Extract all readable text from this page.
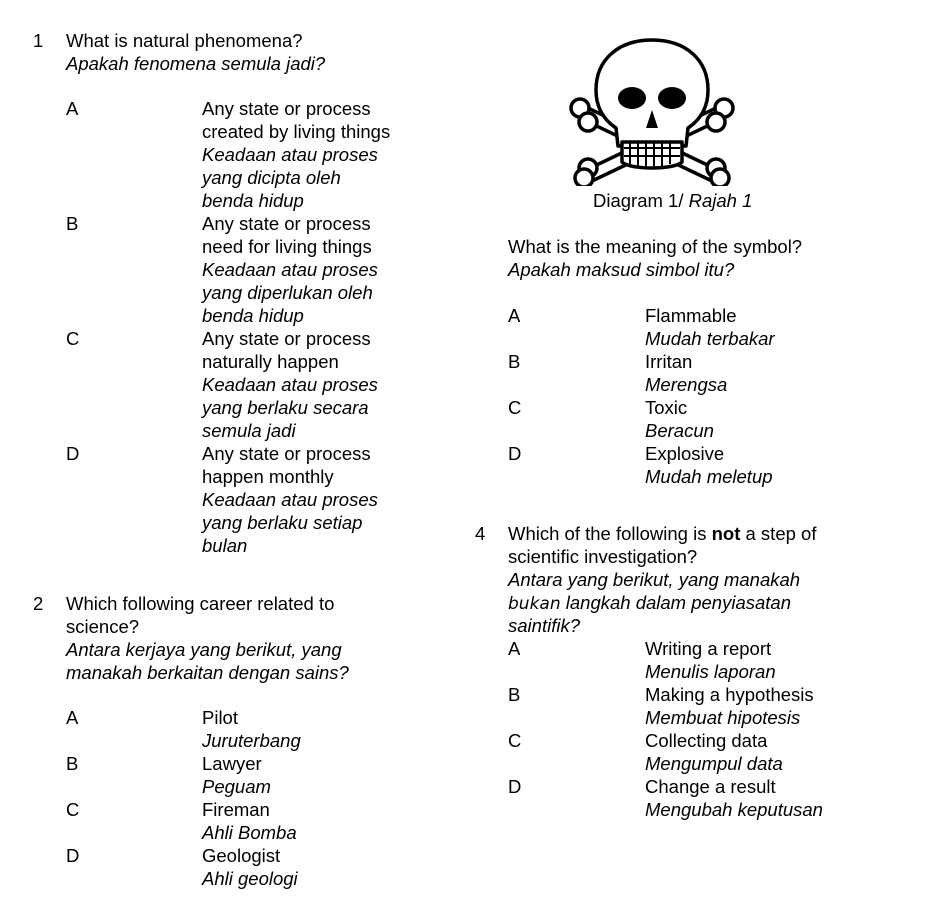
1 What is natural phenomena?
Apakah fenomena semula jadi?
A	Any state or process
created by living things
Keadaan atau proses
yang dicipta oleh
benda hidup
B	Any state or process
need for living things
Keadaan atau proses
yang diperlukan oleh
benda hidup
C	Any state or process
naturally happen
Keadaan atau proses
yang berlaku secara
semula jadi
D	Any state or process
happen monthly
Keadaan atau proses
yang berlaku setiap
bulan
2 Which following career related to
science?
Antara kerjaya yang berikut, yang
manakah berkaitan dengan sains?
A	Pilot
Juruterbang
B	Lawyer
Peguam
C	Fireman
Ahli Bomba
D	Geologist
Ahli geologi
Diagram 1/ Rajah 1
What is the meaning of the symbol?
Apakah maksud simbol itu?
A	Flammable
Mudah terbakar
B	Irritan
Merengsa
C	Toxic
Beracun
D	Explosive
Mudah meletup
4 Which of the following is not a step of
scientific investigation?
Antara yang berikut, yang manakah
bukan langkah dalam penyiasatan
saintifik?
A	Writing a report
Menulis laporan
B	Making a hypothesis
Membuat hipotesis
C	Collecting data
Mengumpul data
D	Change a result
Mengubah keputusan
